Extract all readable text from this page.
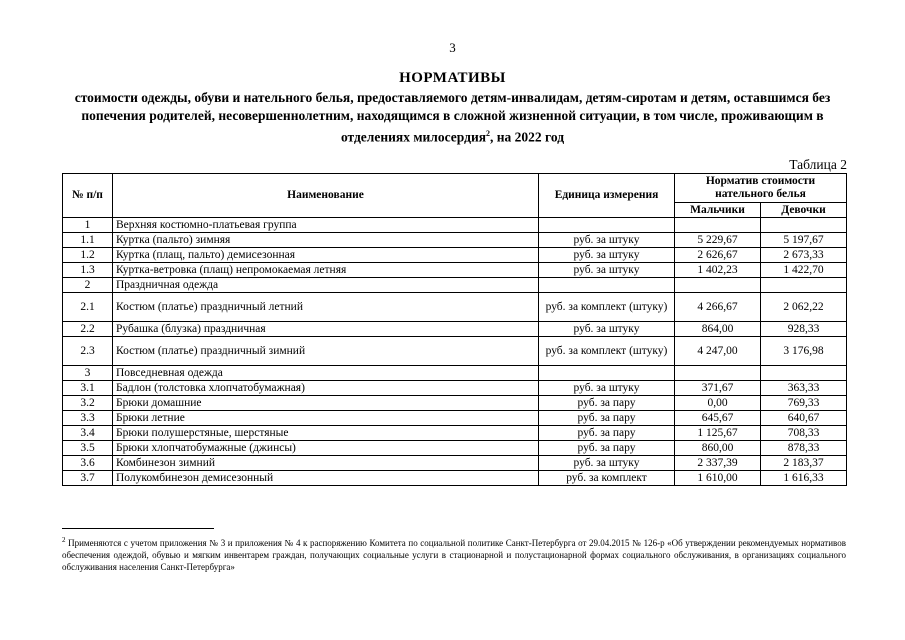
3
НОРМАТИВЫ
стоимости одежды, обуви и нательного белья, предоставляемого детям-инвалидам, детям-сиротам и детям, оставшимся без попечения родителей, несовершеннолетним, находящимся в сложной жизненной ситуации, в том числе, проживающим в отделениях милосердия$^2$, на 2022 год
Таблица 2
№ п/п	Наименование	Единица измерения	Норматив стоимости нательного белья	
			Мальчики	Девочки
1	Верхняя костюмно-платьевая группа			
1.1	Куртка (пальто) зимняя	руб. за штуку	5 229,67	5 197,67
1.2	Куртка (плащ, пальто) демисезонная	руб. за штуку	2 626,67	2 673,33
1.3	Куртка-ветровка (плащ) непромокаемая летняя	руб. за штуку	1 402,23	1 422,70
2	Праздничная одежда			
2.1	Костюм (платье) праздничный летний	руб. за комплект (штуку)	4 266,67	2 062,22
2.2	Рубашка (блузка) праздничная	руб. за штуку	864,00	928,33
2.3	Костюм (платье) праздничный зимний	руб. за комплект (штуку)	4 247,00	3 176,98
3	Повседневная одежда			
3.1	Бадлон (толстовка хлопчатобумажная)	руб. за штуку	371,67	363,33
3.2	Брюки домашние	руб. за пару	0,00	769,33
3.3	Брюки летние	руб. за пару	645,67	640,67
3.4	Брюки полушерстяные, шерстяные	руб. за пару	1 125,67	708,33
3.5	Брюки хлопчатобумажные (джинсы)	руб. за пару	860,00	878,33
3.6	Комбинезон зимний	руб. за штуку	2 337,39	2 183,37
3.7	Полукомбинезон демисезонный	руб. за комплект	1 610,00	1 616,33
$^2$ Применяются с учетом приложения № 3 и приложения № 4 к распоряжению Комитета по социальной политике Санкт-Петербурга от 29.04.2015 № 126-р «Об утверждении рекомендуемых нормативов обеспечения одеждой, обувью и мягким инвентарем граждан, получающих социальные услуги в стационарной и полустационарной формах социального обслуживания, в организациях социального обслуживания населения Санкт-Петербурга»
